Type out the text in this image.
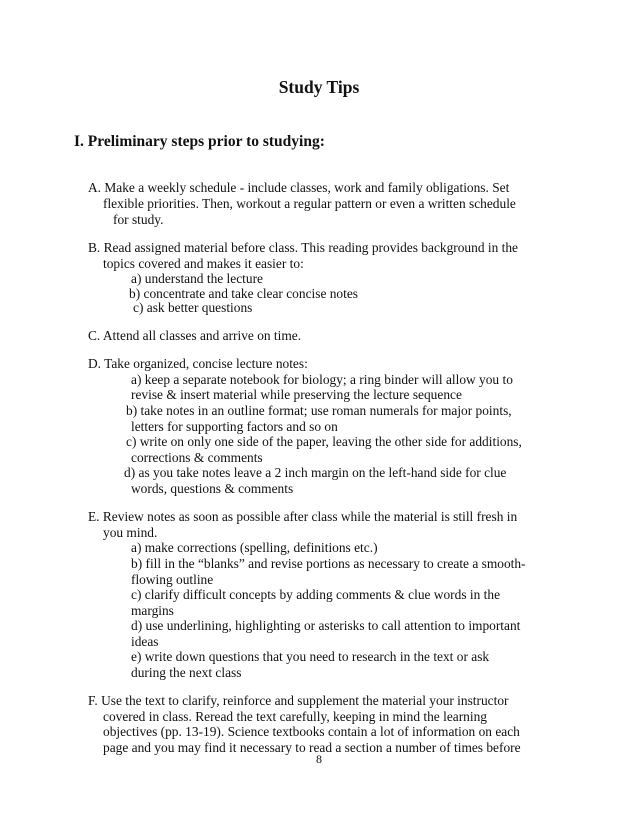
Study Tips
I. Preliminary steps prior to studying:
A. Make a weekly schedule - include classes, work and family obligations. Set
flexible priorities. Then, workout a regular pattern or even a written schedule
for study.
B. Read assigned material before class. This reading provides background in the
topics covered and makes it easier to:
a) understand the lecture
b) concentrate and take clear concise notes
c) ask better questions
C. Attend all classes and arrive on time.
D. Take organized, concise lecture notes:
a) keep a separate notebook for biology; a ring binder will allow you to
revise & insert material while preserving the lecture sequence
b) take notes in an outline format; use roman numerals for major points,
letters for supporting factors and so on
c) write on only one side of the paper, leaving the other side for additions,
corrections & comments
d) as you take notes leave a 2 inch margin on the left-hand side for clue
words, questions & comments
E. Review notes as soon as possible after class while the material is still fresh in
you mind.
a) make corrections (spelling, definitions etc.)
b) fill in the “blanks” and revise portions as necessary to create a smooth-
flowing outline
c) clarify difficult concepts by adding comments & clue words in the
margins
d) use underlining, highlighting or asterisks to call attention to important
ideas
e) write down questions that you need to research in the text or ask
during the next class
F. Use the text to clarify, reinforce and supplement the material your instructor
covered in class. Reread the text carefully, keeping in mind the learning
objectives (pp. 13-19). Science textbooks contain a lot of information on each
page and you may find it necessary to read a section a number of times before
8
